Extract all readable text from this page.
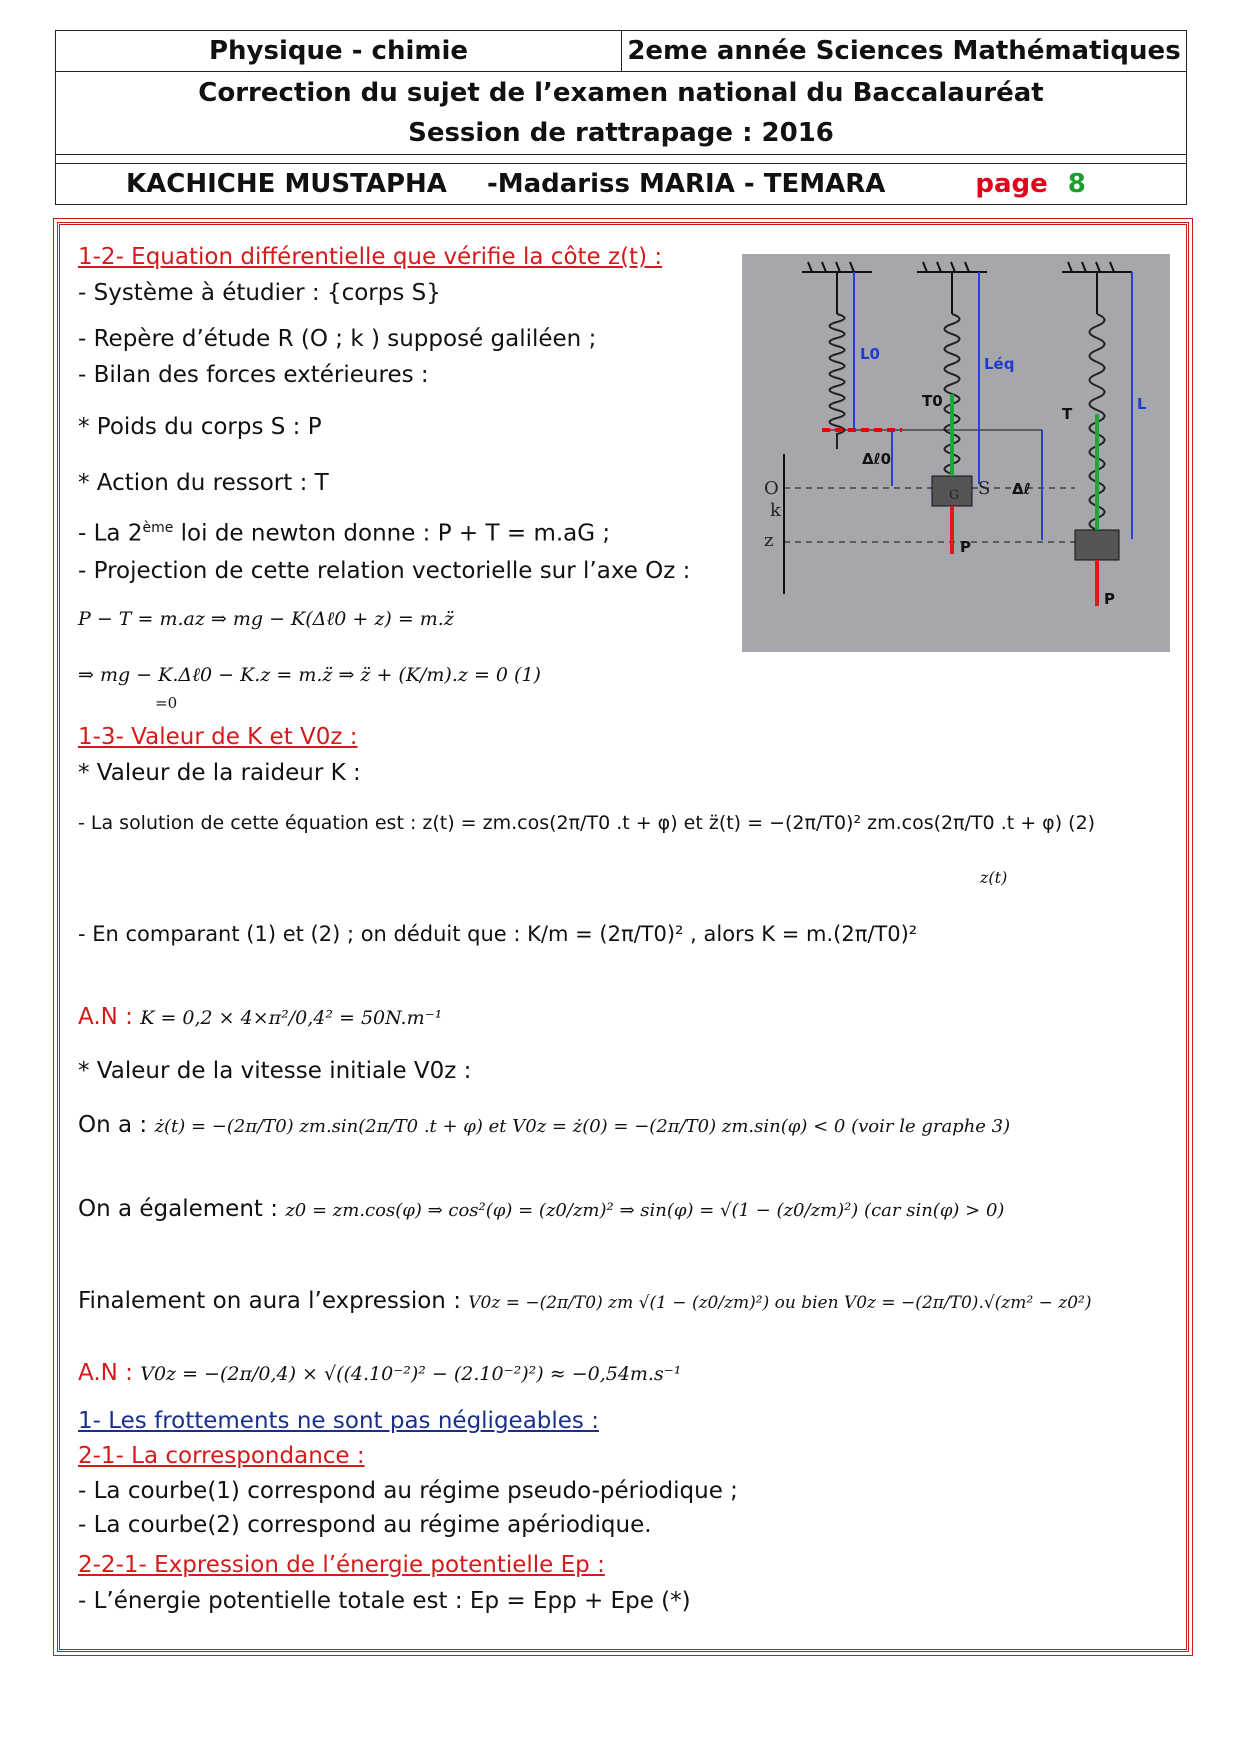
Physique - chimie	2eme année Sciences Mathématiques
Correction du sujet de l’examen national du Baccalauréat
Session de rattrapage : 2016
KACHICHE MUSTAPHA -Madariss MARIA - TEMARA	page 8
L0
Léq
L
Δℓ0
Δℓ
T0
T
P
P
O
k
z
S
G
1-2- Equation différentielle que vérifie la côte z(t) :
- Système à étudier : {corps S}
- Repère d’étude R (O ; k ) supposé galiléen ;
- Bilan des forces extérieures :
* Poids du corps S : P
* Action du ressort : T
- La 2ème loi de newton donne : P + T = m.aG ;
- Projection de cette relation vectorielle sur l’axe Oz :
P − T = m.az ⇒ mg − K(Δℓ0 + z) = m.z̈
⇒ mg − K.Δℓ0 − K.z = m.z̈ ⇒ z̈ + (K/m).z = 0 (1)
=0
1-3- Valeur de K et V0z :
* Valeur de la raideur K :
- La solution de cette équation est : z(t) = zm.cos(2π/T0 .t + φ) et z̈(t) = −(2π/T0)² zm.cos(2π/T0 .t + φ) (2)
z(t)
- En comparant (1) et (2) ; on déduit que : K/m = (2π/T0)² , alors K = m.(2π/T0)²
A.N : K = 0,2 × 4×π²/0,4² = 50N.m⁻¹
* Valeur de la vitesse initiale V0z :
On a : ż(t) = −(2π/T0) zm.sin(2π/T0 .t + φ) et V0z = ż(0) = −(2π/T0) zm.sin(φ) < 0 (voir le graphe 3)
On a également : z0 = zm.cos(φ) ⇒ cos²(φ) = (z0/zm)² ⇒ sin(φ) = √(1 − (z0/zm)²) (car sin(φ) > 0)
Finalement on aura l’expression : V0z = −(2π/T0) zm √(1 − (z0/zm)²) ou bien V0z = −(2π/T0).√(zm² − z0²)
A.N : V0z = −(2π/0,4) × √((4.10⁻²)² − (2.10⁻²)²) ≈ −0,54m.s⁻¹
1- Les frottements ne sont pas négligeables :
2-1- La correspondance :
- La courbe(1) correspond au régime pseudo-périodique ;
- La courbe(2) correspond au régime apériodique.
2-2-1- Expression de l’énergie potentielle Ep :
- L’énergie potentielle totale est : Ep = Epp + Epe (*)
